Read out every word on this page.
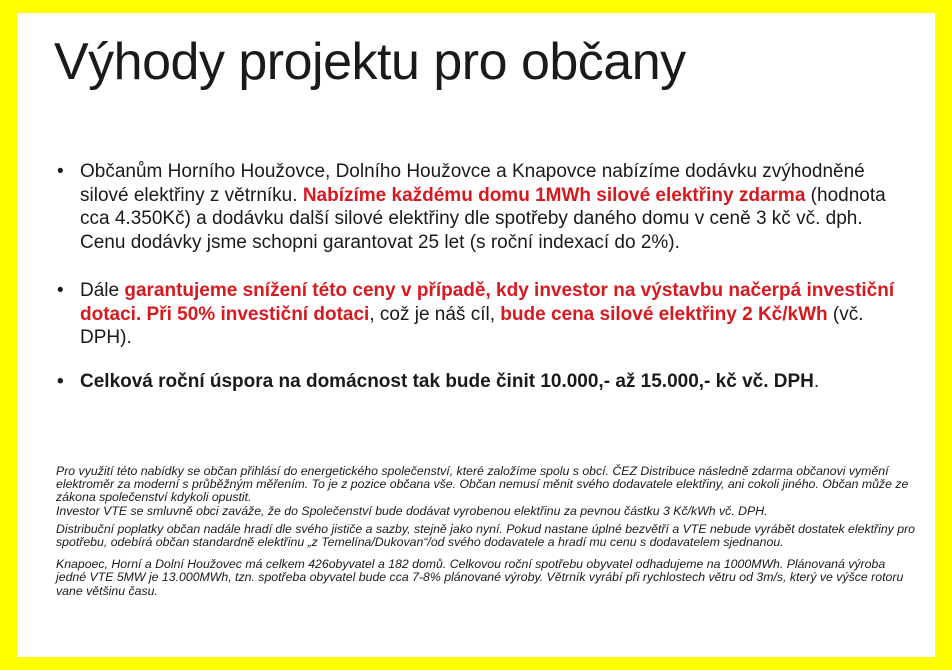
Výhody projektu pro občany
• Občanům Horního Houžovce, Dolního Houžovce a Knapovce nabízíme dodávku zvýhodněné silové elektřiny z větrníku. Nabízíme každému domu 1MWh silové elektřiny zdarma (hodnota cca 4.350Kč) a dodávku další silové elektřiny dle spotřeby daného domu v ceně 3 kč vč. dph. Cenu dodávky jsme schopni garantovat 25 let (s roční indexací do 2%).
• Dále garantujeme snížení této ceny v případě, kdy investor na výstavbu načerpá investiční dotaci. Při 50% investiční dotaci, což je náš cíl, bude cena silové elektřiny 2 Kč/kWh (vč. DPH).
• Celková roční úspora na domácnost tak bude činit 10.000,- až 15.000,- kč vč. DPH.

Pro využití této nabídky se občan přihlásí do energetického společenství, které založíme spolu s obcí. ČEZ Distribuce následně zdarma občanovi vymění elektroměr za moderní s průběžným měřením. To je z pozice občana vše. Občan nemusí měnit svého dodavatele elektřiny, ani cokoli jiného. Občan může ze zákona společenství kdykoli opustit.

Investor VTE se smluvně obci zaváže, že do Společenství bude dodávat vyrobenou elektřinu za pevnou částku 3 Kč/kWh vč. DPH.

Distribuční poplatky občan nadále hradí dle svého jističe a sazby, stejně jako nyní. Pokud nastane úplné bezvětří a VTE nebude vyrábět dostatek elektřiny pro spotřebu, odebírá občan standardně elektřinu „z Temelína/Dukovan“/od svého dodavatele a hradí mu cenu s dodavatelem sjednanou.

Knapoec, Horní a Dolní Houžovec má celkem 426obyvatel a 182 domů. Celkovou roční spotřebu obyvatel odhadujeme na 1000MWh. Plánovaná výroba jedné VTE 5MW je 13.000MWh, tzn. spotřeba obyvatel bude cca 7-8% plánované výroby. Větrník vyrábí při rychlostech větru od 3m/s, který ve výšce rotoru vane většinu času.
